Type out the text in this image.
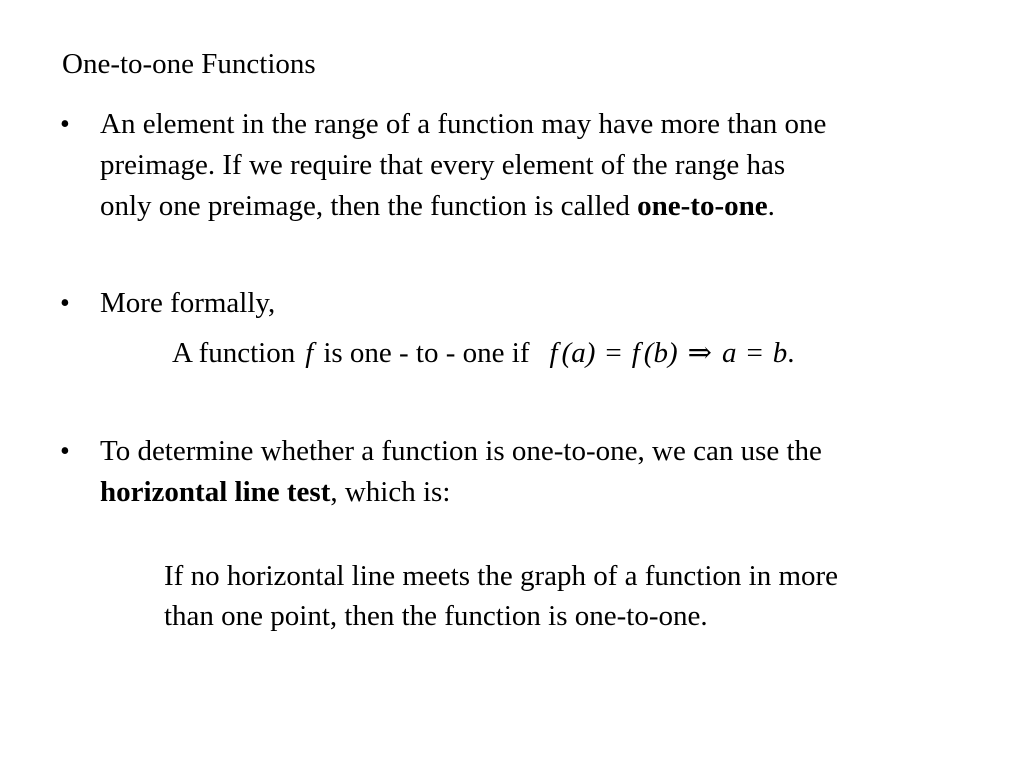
One-to-one Functions
• An element in the range of a function may have more than one
preimage. If we require that every element of the range has
only one preimage, then the function is called one-to-one.
• More formally,
A function f is one - to - one if f (a) = f (b) ⇒ a = b.
• To determine whether a function is one-to-one, we can use the
horizontal line test, which is:
If no horizontal line meets the graph of a function in more
than one point, then the function is one-to-one.
